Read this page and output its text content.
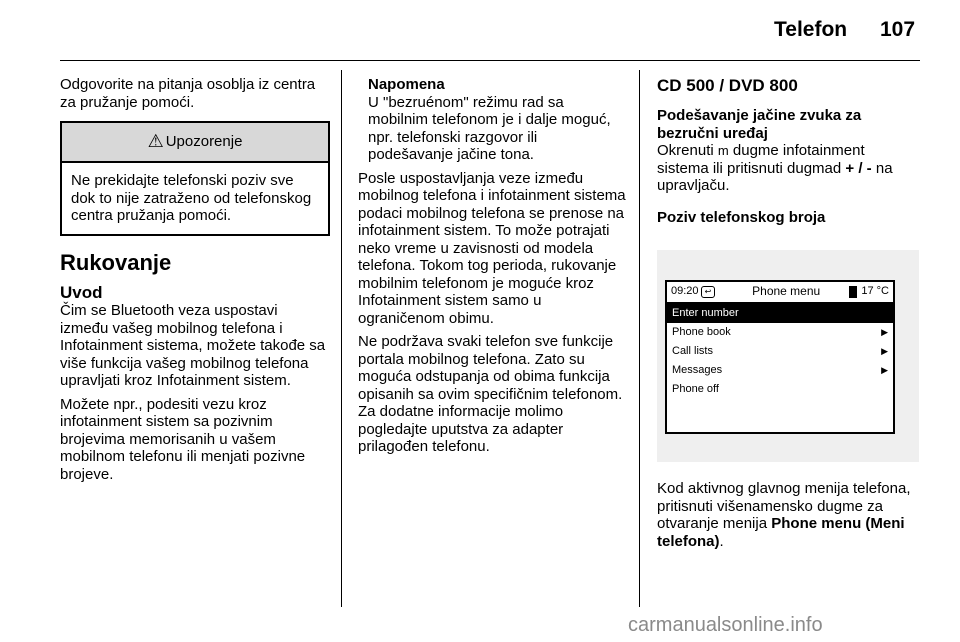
Telefon 107

Odgovorite na pitanja osoblja iz centra za pružanje pomoći.

⚠ Upozorenje
Ne prekidajte telefonski poziv sve dok to nije zatraženo od telefonskog centra pružanja pomoći.
Rukovanje
Uvod

Čim se Bluetooth veza uspostavi između vašeg mobilnog telefona i Infotainment sistema, možete takođe sa više funkcija vašeg mobilnog telefona upravljati kroz Infotainment sistem.

Možete npr., podesiti vezu kroz infotainment sistem sa pozivnim brojevima memorisanih u vašem mobilnom telefonu ili menjati pozivne brojeve.

Napomena
U "bezruénom" režimu rad sa mobilnim telefonom je i dalje moguć, npr. telefonski razgovor ili podešavanje jačine tona.

Posle uspostavljanja veze između mobilnog telefona i infotainment sistema podaci mobilnog telefona se prenose na infotainment sistem. To može potrajati neko vreme u zavisnosti od modela telefona. Tokom tog perioda, rukovanje mobilnim telefonom je moguće kroz Infotainment sistem samo u ograničenom obimu.

Ne podržava svaki telefon sve funkcije portala mobilnog telefona. Zato su moguća odstupanja od obima funkcija opisanih sa ovim specifičnim telefonom. Za dodatne informacije molimo pogledajte uputstva za adapter prilagođen telefonu.

CD 500 / DVD 800
Podešavanje jačine zvuka za bezručni uređaj

Okrenuti m dugme infotainment sistema ili pritisnuti dugmad + / - na upravljaču.

Poziv telefonskog broja
09:20 ↩	Phone menu	17 °C
Enter number
Phone book	▶
Call lists	▶
Messages	▶
Phone off

Kod aktivnog glavnog menija telefona, pritisnuti višenamensko dugme za otvaranje menija Phone menu (Meni telefona).

carmanualsonline.info
